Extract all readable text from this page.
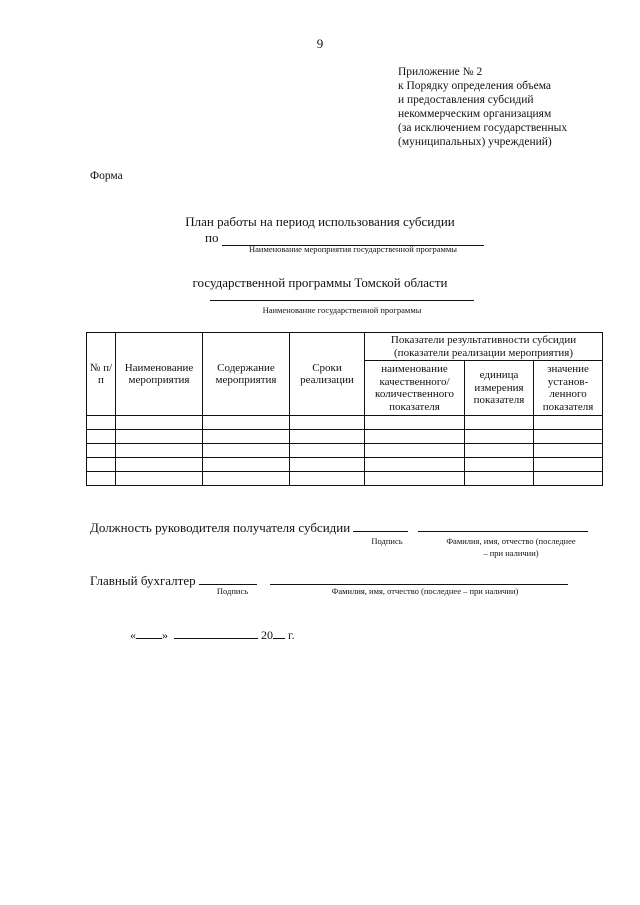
9
Приложение № 2
к Порядку определения объема
и предоставления субсидий
некоммерческим организациям
(за исключением государственных
(муниципальных) учреждений)
Форма
План работы на период использования субсидии
по
Наименование мероприятия государственной программы
государственной программы Томской области
Наименование государственной программы
№ п/п	Наименование мероприятия	Содержание мероприятия	Сроки реализации	Показатели результативности субсидии (показатели реализации мероприятия)		
				наименование качественного/ количественного показателя	единица измерения показателя	значение установ-ленного показателя

Должность руководителя получателя субсидии
Подпись	Фамилия, имя, отчество (последнее – при наличии)
Главный бухгалтер
Подпись	Фамилия, имя, отчество (последнее – при наличии)
« »	20 г.
